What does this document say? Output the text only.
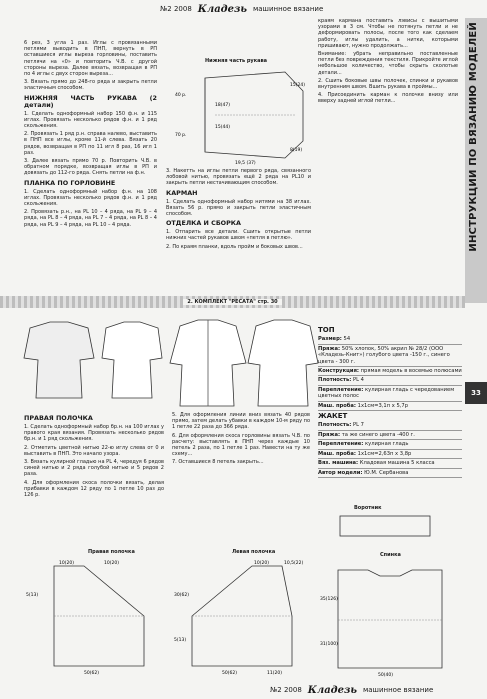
№2 2008 Кладезь машинное вязание
ИНСТРУКЦИИ ПО ВЯЗАНИЮ МОДЕЛЕЙ
33

6 рез, 3 угла 1 раз. Иглы с провязанными петлями выводить в ПНП, вернуть в РП оставшиеся иглы выреза горловины, поставить петлячи на «0» и повторить Ч.В. с другой стороны выреза. Далее вязать, возвращая в РП по 4 иглы с двух сторон выреза...

3. Вязать прямо до 248-го ряда и закрыть петли эластичным способом.

НИЖНЯЯ ЧАСТЬ РУКАВА (2 детали)

1. Сделать одноформный набор 150 ф.н. и 115 иглах. Провязать несколько рядов ф.н. и 1 ряд скольжения.

2. Провязать 1 ряд р.н. справа налево, выставить в ПНП все иглы, кроме 11-й слева. Вязать 20 рядов, возвращая в РП по 11 игл 8 раз, 16 игл 1 раз.

3. Далее вязать прямо 70 р. Повторить Ч.В. в обратном порядке, возвращая иглы в РП и довязать до 112-го ряда. Снять петли на ф.н.

ПЛАНКА ПО ГОРЛОВИНЕ

1. Сделать одноформный набор ф.н. на 108 иглах. Провязать несколько рядов ф.н. и 1 ряд скольжения.

2. Провязать р.н., на PL 10 – 4 ряда, на PL 9 – 4 ряда, на PL 8 – 4 ряда, на PL 7 – 4 ряда, на PL 8 – 4 ряда, на PL 9 – 4 ряда, на PL 10 – 4 ряда.

Нижняя часть рукава
18(47)
15(44)
40 р.
70 р.
15(24)
8(19)
19,5 (37)

3. Накетть на иглы петли первого ряда, связанного лобовой нитью, провязать ещё 2 ряда на PL10 и закрыть петли нестачивающим способом.

КАРМАН

1. Сделать одноформный набор нитями на 38 иглах. Вязать 56 р. прямо и закрыть петли эластичным способом.

ОТДЕЛКА И СБОРКА

1. Отпарить все детали. Сшить открытые петли нижних частей рукавов швом «петля в петлю».

2. По краям планки, вдоль пройм и боковых швов...

краям кармана поставить лэвисы с вышитыми узорами в 3 см. Чтобы не потянуть петли и не деформировать полосы, после того как сделаем работу, иглы удалить, а нитки, которыми пришивают, нужно продолжать...

Внимание: убрать неправильно поставленные петли без повреждения текстиля. Прикройте иглой небольшое количество, чтобы скрыть сколотые детали...

2. Сшить боковые швы полочек, спинки и рукавов внутренним швом. Вшить рукава в проймы...

4. Присоединить карман к полочке внизу или вверху задней иглой петли...

2. КОМПЛЕКТ "РЕСАТА" стр. 30
ТОП
Размер: 54
Пряжа: 50% хлопок, 50% акрил № 28/2 (ООО «Кладезь-Книт») голубого цвета -150 г., синего цвета - 300 г.
Конструкция: прямая модель в восемью полюсами
Плотность: PL 4
Переплетение: кулирная гладь с чередованием цветных полос
Маш. проба: 1х1см=3,1п х 5,7р
ЖАКЕТ
Плотность: PL 7
Пряжа: та же синего цвета -400 г.
Переплетение: кулирная гладь
Маш. проба: 1х1см=2,63п х 3,8р
Вяз. машина: Кладовая машина 5 класса
Автор модели: Ю.М. Сербанова
ПРАВАЯ ПОЛОЧКА

1. Сделать одноформный набор бр.н. на 100 иглах у правого края вязания. Провязать несколько рядов бр.н. и 1 ряд скольжения.

2. Отметить цветной нитью 22-ю иглу слева от 0 и выставить в ПНП. Это начало узора.

3. Вязать кулирной гладью на PL 4, чередуя 6 рядов синей нитью и 2 ряда голубой нитью и 5 рядов 2 раза.

4. Для оформления скоса полочки вязать, делая прибавки в каждом 12 ряду по 1 петле 10 раз до 126 р.

5. Для оформления линии вниз вязать 40 рядов прямо, затем делать убавки в каждом 10-м ряду по 1 петле 22 раза до 366 ряда.

6. Для оформления скоса горловины вязать Ч.В. по расчету: выставлять в ПНП через каждые 10 петель 2 раза, по 1 петле 1 раз. Навести на ту же схему...

7. Оставшиеся 8 петель закрыть...

Правая полочка
10(20)	10(20)
5(13)
50(62)
Левая полочка
10(20)	10,5(22)
5(13)
50(62)
30(62)
11(20)
Воротник
Спинка
35(126)
31(100)
50(40)
№2 2008 Кладезь машинное вязание
